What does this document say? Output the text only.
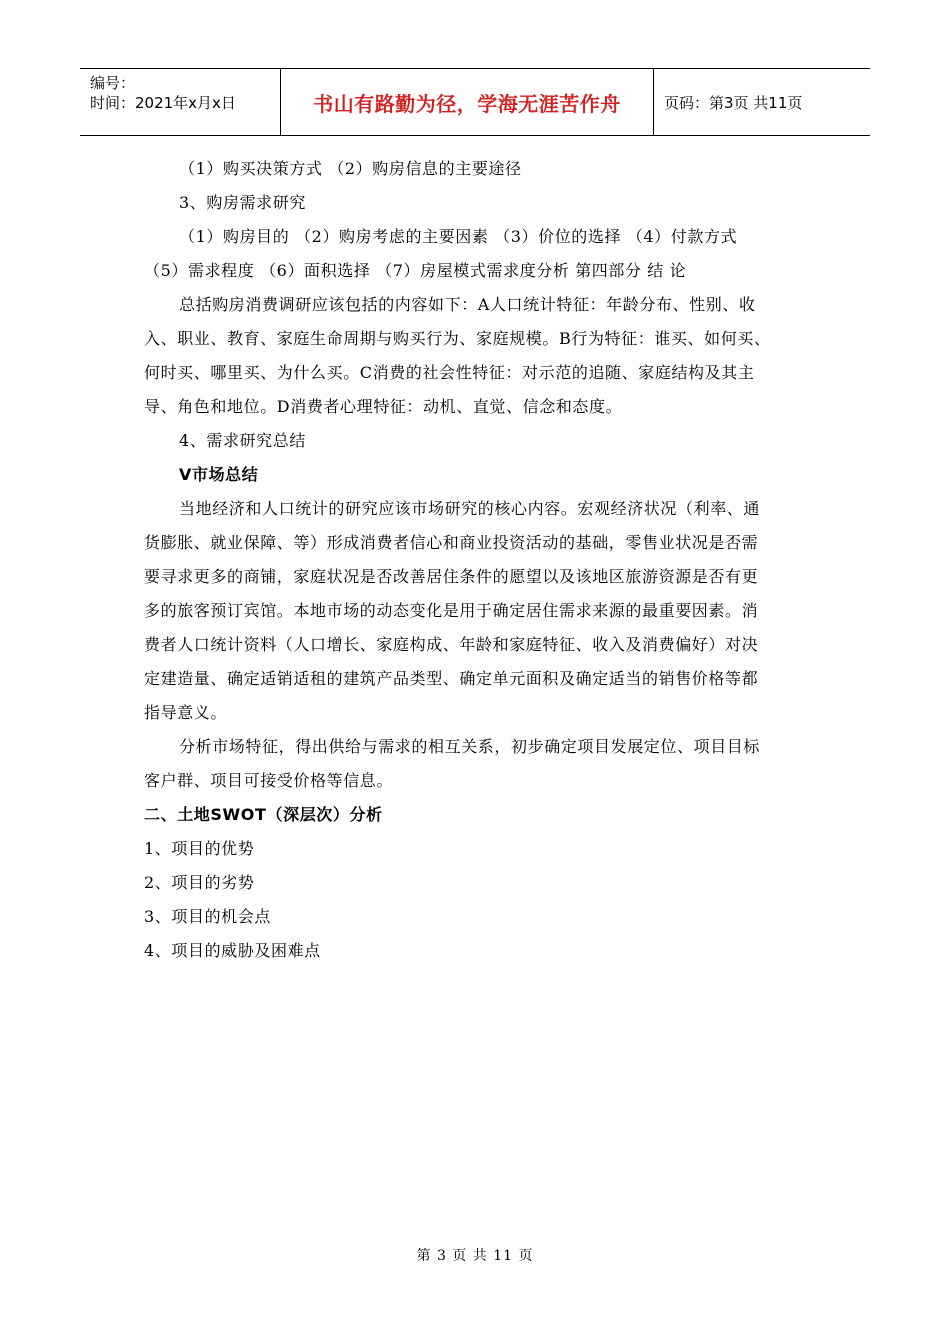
编号：
时间：2021年x月x日	书山有路勤为径，学海无涯苦作舟	页码：第3页 共11页
（1）购买决策方式 （2）购房信息的主要途径
3、购房需求研究
（1）购房目的 （2）购房考虑的主要因素 （3）价位的选择 （4）付款方式
（5）需求程度 （6）面积选择 （7）房屋模式需求度分析 第四部分 结 论
总括购房消费调研应该包括的内容如下：A人口统计特征：年龄分布、性别、收
入、职业、教育、家庭生命周期与购买行为、家庭规模。B行为特征：谁买、如何买、
何时买、哪里买、为什么买。C消费的社会性特征：对示范的追随、家庭结构及其主
导、角色和地位。D消费者心理特征：动机、直觉、信念和态度。
4、需求研究总结
V市场总结
当地经济和人口统计的研究应该市场研究的核心内容。宏观经济状况（利率、通
货膨胀、就业保障、等）形成消费者信心和商业投资活动的基础，零售业状况是否需
要寻求更多的商铺，家庭状况是否改善居住条件的愿望以及该地区旅游资源是否有更
多的旅客预订宾馆。本地市场的动态变化是用于确定居住需求来源的最重要因素。消
费者人口统计资料（人口增长、家庭构成、年龄和家庭特征、收入及消费偏好）对决
定建造量、确定适销适租的建筑产品类型、确定单元面积及确定适当的销售价格等都
指导意义。
分析市场特征，得出供给与需求的相互关系，初步确定项目发展定位、项目目标
客户群、项目可接受价格等信息。
二、土地SWOT（深层次）分析
1、项目的优势
2、项目的劣势
3、项目的机会点
4、项目的威胁及困难点
第 3 页 共 11 页
